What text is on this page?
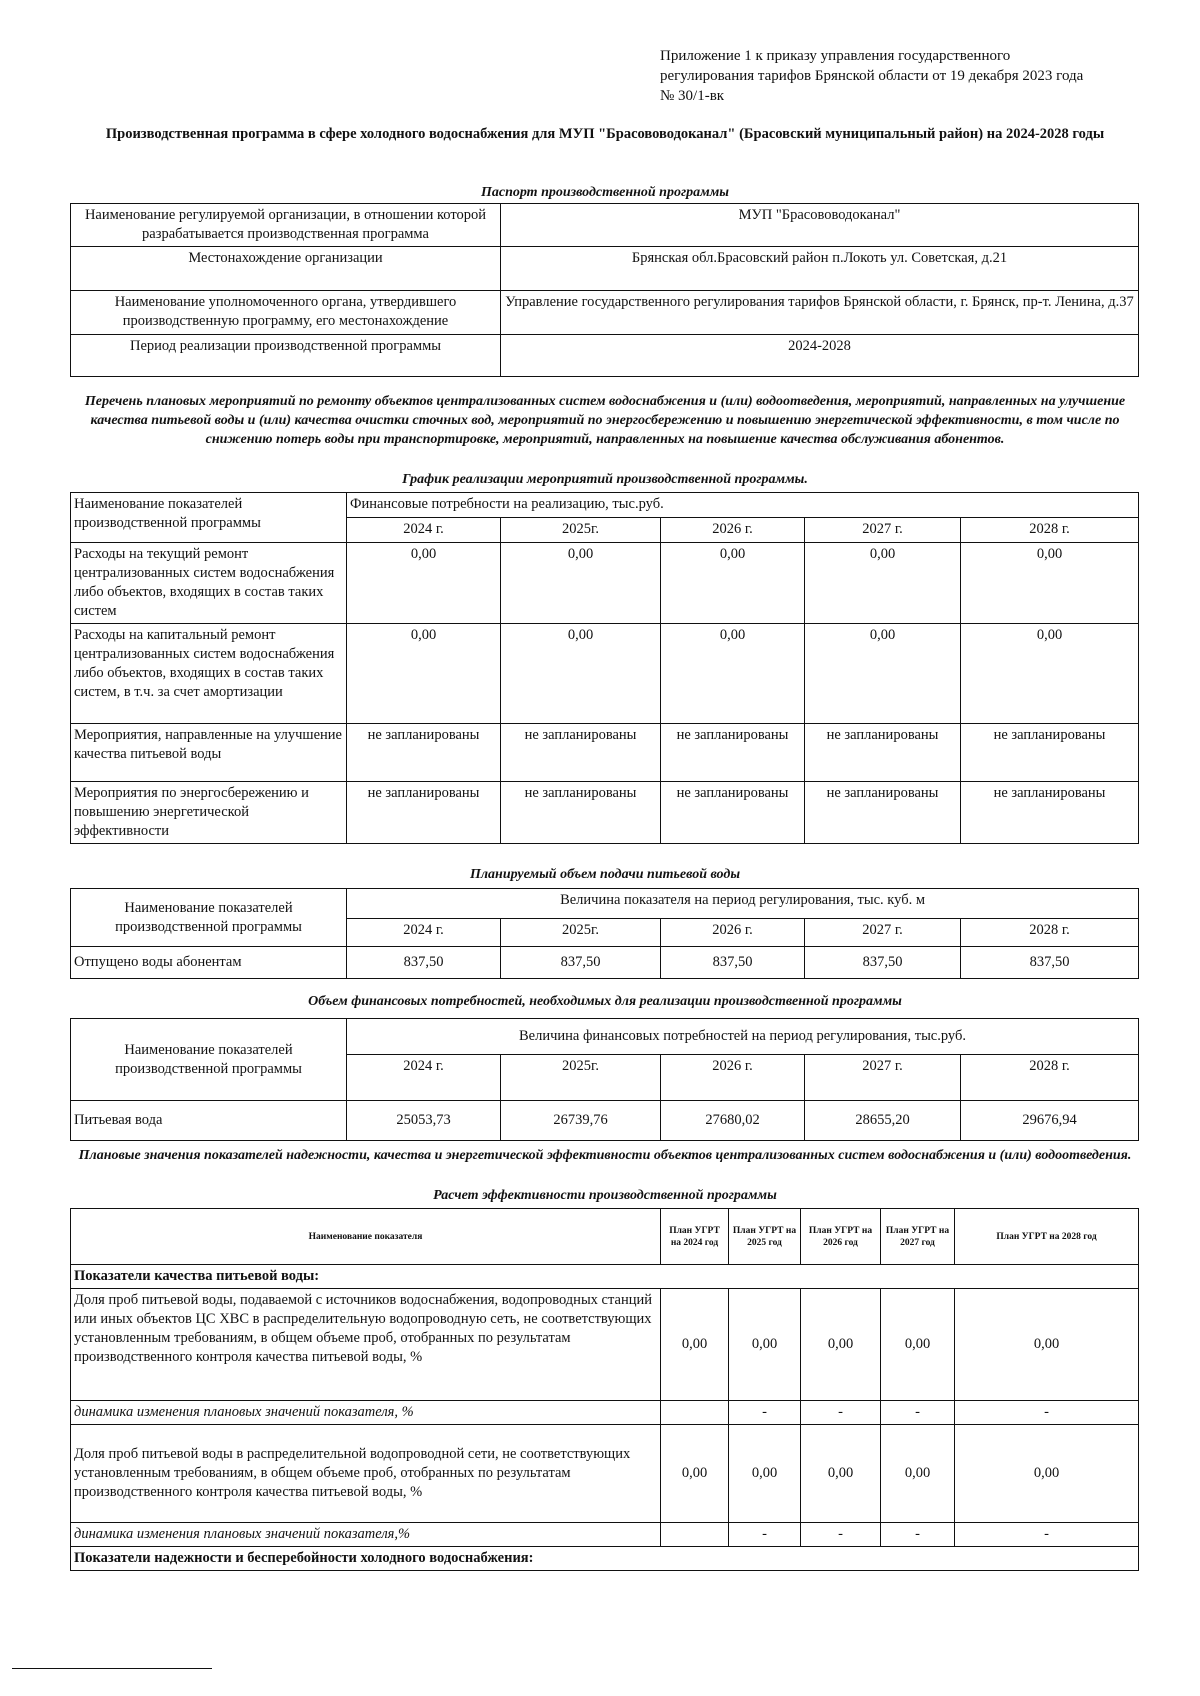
Приложение 1 к приказу управления государственного
регулирования тарифов Брянской области от 19 декабря 2023 года
№ 30/1-вк
Производственная программа в сфере холодного водоснабжения для МУП "Брасововодоканал" (Брасовский муниципальный район) на 2024-2028 годы
Паспорт производственной программы
Наименование регулируемой организации, в отношении которой разрабатывается производственная программа	МУП "Брасововодоканал"
Местонахождение организации	Брянская обл.Брасовский район п.Локоть ул. Советская, д.21
Наименование уполномоченного органа, утвердившего производственную программу, его местонахождение	Управление государственного регулирования тарифов Брянской области, г. Брянск, пр-т. Ленина, д.37
Период реализации производственной программы	2024-2028
Перечень плановых мероприятий по ремонту объектов централизованных систем водоснабжения и (или) водоотведения, мероприятий, направленных на улучшение качества питьевой воды и (или) качества очистки сточных вод, мероприятий по энергосбережению и повышению энергетической эффективности, в том числе по снижению потерь воды при транспортировке, мероприятий, направленных на повышение качества обслуживания абонентов.
График реализации мероприятий производственной программы.
Наименование показателей производственной программы	Финансовые потребности на реализацию, тыс.руб.				
	2024 г.	2025г.	2026 г.	2027 г.	2028 г.
Расходы на текущий ремонт централизованных систем водоснабжения либо объектов, входящих в состав таких систем	0,00	0,00	0,00	0,00	0,00
Расходы на капитальный ремонт централизованных систем водоснабжения либо объектов, входящих в состав таких систем, в т.ч. за счет амортизации	0,00	0,00	0,00	0,00	0,00
Мероприятия, направленные на улучшение качества питьевой воды	не запланированы	не запланированы	не запланированы	не запланированы	не запланированы
Мероприятия по энергосбережению и повышению энергетической эффективности	не запланированы	не запланированы	не запланированы	не запланированы	не запланированы
Планируемый объем подачи питьевой воды
Наименование показателей производственной программы	Величина показателя на период регулирования, тыс. куб. м				
	2024 г.	2025г.	2026 г.	2027 г.	2028 г.
Отпущено воды абонентам	837,50	837,50	837,50	837,50	837,50
Объем финансовых потребностей, необходимых для реализации производственной программы
Наименование показателей производственной программы	Величина финансовых потребностей на период регулирования, тыс.руб.				
	2024 г.	2025г.	2026 г.	2027 г.	2028 г.
Питьевая вода	25053,73	26739,76	27680,02	28655,20	29676,94
Плановые значения показателей надежности, качества и энергетической эффективности объектов централизованных систем водоснабжения и (или) водоотведения.
Расчет эффективности производственной программы
Наименование показателя	План УГРТ на 2024 год	План УГРТ на 2025 год	План УГРТ на 2026 год	План УГРТ на 2027 год	План УГРТ на 2028 год
Показатели качества питьевой воды:					
Доля проб питьевой воды, подаваемой с источников водоснабжения, водопроводных станций или иных объектов ЦС ХВС в распределительную водопроводную сеть, не соответствующих установленным требованиям, в общем объеме проб, отобранных по результатам производственного контроля качества питьевой воды, %	0,00	0,00	0,00	0,00	0,00
динамика изменения плановых значений показателя, %		-	-	-	-
Доля проб питьевой воды в распределительной водопроводной сети, не соответствующих установленным требованиям, в общем объеме проб, отобранных по результатам производственного контроля качества питьевой воды, %	0,00	0,00	0,00	0,00	0,00
динамика изменения плановых значений показателя,%		-	-	-	-
Показатели надежности и бесперебойности холодного водоснабжения:					
